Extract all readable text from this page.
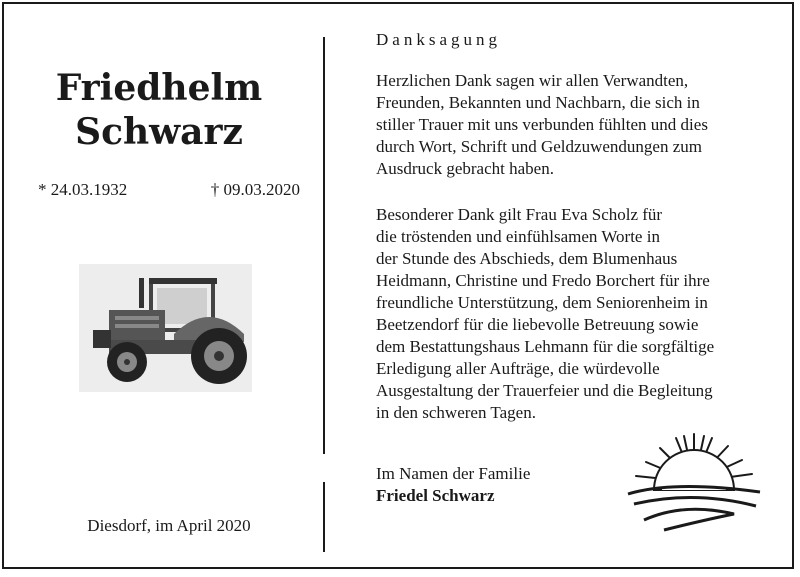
Friedhelm
Schwarz
* 24.03.1932	† 09.03.2020
Diesdorf, im April 2020
Danksagung
Herzlichen Dank sagen wir allen Verwandten,
Freunden, Bekannten und Nachbarn, die sich in
stiller Trauer mit uns verbunden fühlten und dies
durch Wort, Schrift und Geldzuwendungen zum
Ausdruck gebracht haben.
Besonderer Dank gilt Frau Eva Scholz für
die tröstenden und einfühlsamen Worte in
der Stunde des Abschieds, dem Blumenhaus
Heidmann, Christine und Fredo Borchert für ihre
freundliche Unterstützung, dem Seniorenheim in
Beetzendorf für die liebevolle Betreuung sowie
dem Bestattungshaus Lehmann für die sorgfältige
Erledigung aller Aufträge, die würdevolle
Ausgestaltung der Trauerfeier und die Begleitung
in den schweren Tagen.
Im Namen der Familie
Friedel Schwarz
